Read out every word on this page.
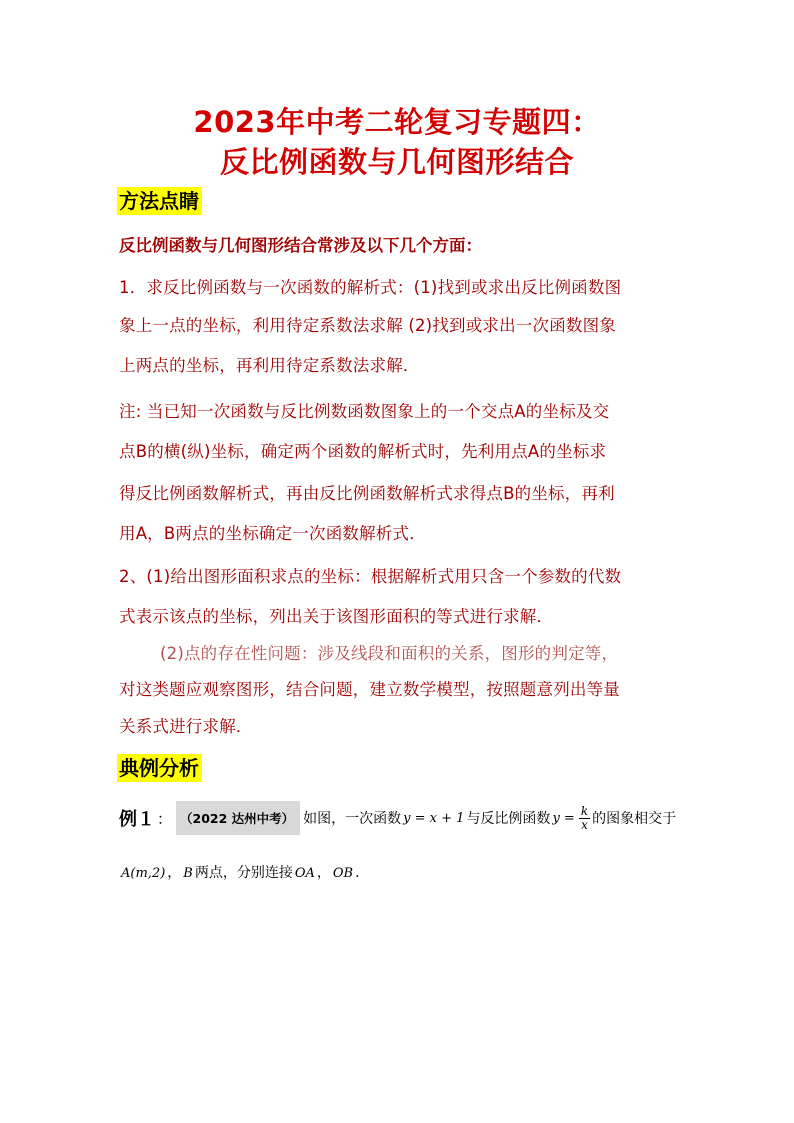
2023年中考二轮复习专题四：
反比例函数与几何图形结合
方法点睛
反比例函数与几何图形结合常涉及以下几个方面：
1．求反比例函数与一次函数的解析式：(1)找到或求出反比例函数图
象上一点的坐标，利用待定系数法求解 (2)找到或求出一次函数图象
上两点的坐标，再利用待定系数法求解．
注: 当已知一次函数与反比例数函数图象上的一个交点A的坐标及交
点B的横(纵)坐标，确定两个函数的解析式时，先利用点A的坐标求
得反比例函数解析式，再由反比例函数解析式求得点B的坐标，再利
用A，B两点的坐标确定一次函数解析式．
2、(1)给出图形面积求点的坐标：根据解析式用只含一个参数的代数
式表示该点的坐标，列出关于该图形面积的等式进行求解．
(2)点的存在性问题：涉及线段和面积的关系，图形的判定等，
对这类题应观察图形，结合问题，建立数学模型，按照题意列出等量
关系式进行求解．
典例分析
例１ ： （2022 达州中考） 如图，一次函数 y = x + 1 与反比例函数 $y = \frac{k}{x}$ 的图象相交于
A(m,2) ， B 两点，分别连接 OA ， OB ．
